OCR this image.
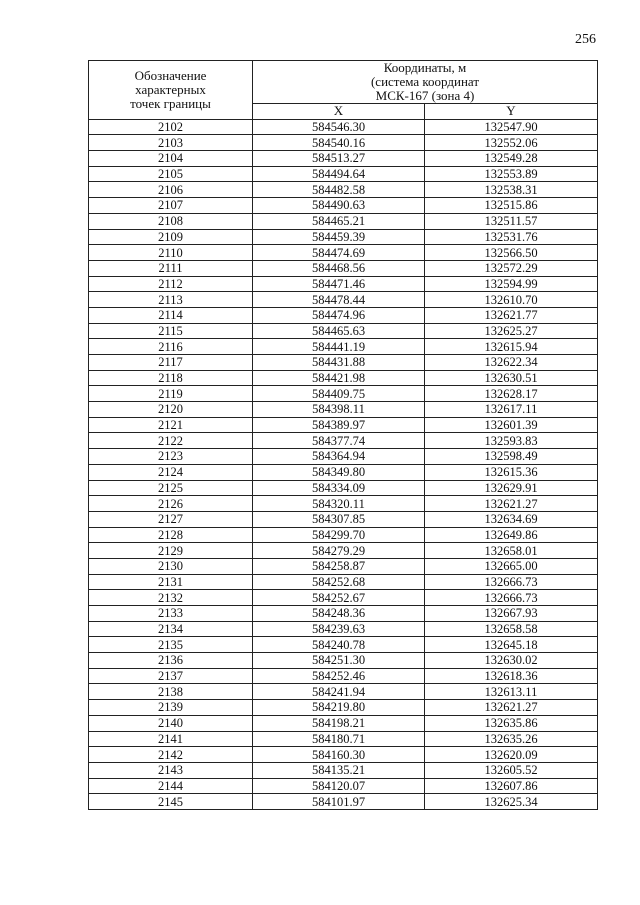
256
Обозначение
характерных
точек границы	Координаты, м
(система координат
МСК-167 (зона 4)	

	X	Y
2102	584546.30	132547.90
2103	584540.16	132552.06
2104	584513.27	132549.28
2105	584494.64	132553.89
2106	584482.58	132538.31
2107	584490.63	132515.86
2108	584465.21	132511.57
2109	584459.39	132531.76
2110	584474.69	132566.50
2111	584468.56	132572.29
2112	584471.46	132594.99
2113	584478.44	132610.70
2114	584474.96	132621.77
2115	584465.63	132625.27
2116	584441.19	132615.94
2117	584431.88	132622.34
2118	584421.98	132630.51
2119	584409.75	132628.17
2120	584398.11	132617.11
2121	584389.97	132601.39
2122	584377.74	132593.83
2123	584364.94	132598.49
2124	584349.80	132615.36
2125	584334.09	132629.91
2126	584320.11	132621.27
2127	584307.85	132634.69
2128	584299.70	132649.86
2129	584279.29	132658.01
2130	584258.87	132665.00
2131	584252.68	132666.73
2132	584252.67	132666.73
2133	584248.36	132667.93
2134	584239.63	132658.58
2135	584240.78	132645.18
2136	584251.30	132630.02
2137	584252.46	132618.36
2138	584241.94	132613.11
2139	584219.80	132621.27
2140	584198.21	132635.86
2141	584180.71	132635.26
2142	584160.30	132620.09
2143	584135.21	132605.52
2144	584120.07	132607.86
2145	584101.97	132625.34
